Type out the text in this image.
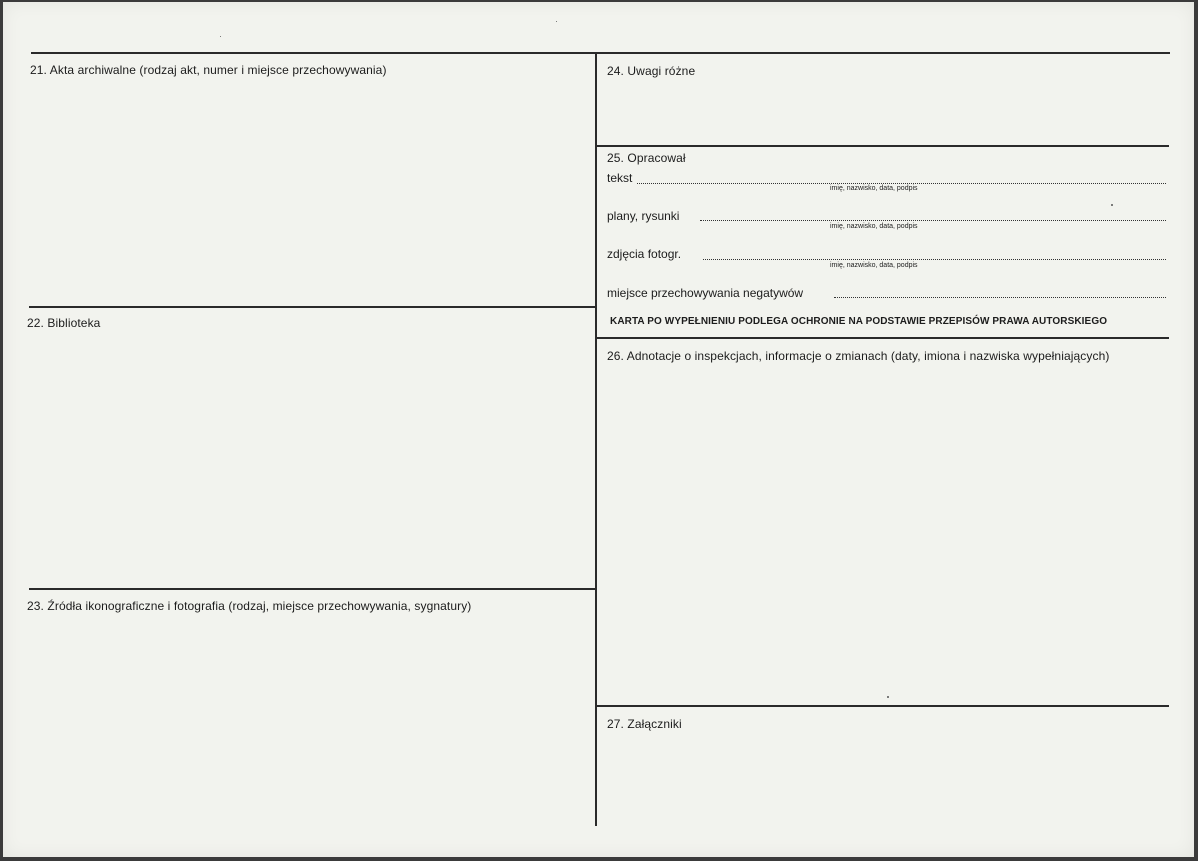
21. Akta archiwalne (rodzaj akt, numer i miejsce przechowywania)
22. Biblioteka
23. Źródła ikonograficzne i fotografia (rodzaj, miejsce przechowywania, sygnatury)
24. Uwagi różne
25. Opracował
tekst
imię, nazwisko, data, podpis
plany, rysunki
imię, nazwisko, data, podpis
zdjęcia fotogr.
imię, nazwisko, data, podpis
miejsce przechowywania negatywów
KARTA PO WYPEŁNIENIU PODLEGA OCHRONIE NA PODSTAWIE PRZEPISÓW PRAWA AUTORSKIEGO
26. Adnotacje o inspekcjach, informacje o zmianach (daty, imiona i nazwiska wypełniających)
27. Załączniki
